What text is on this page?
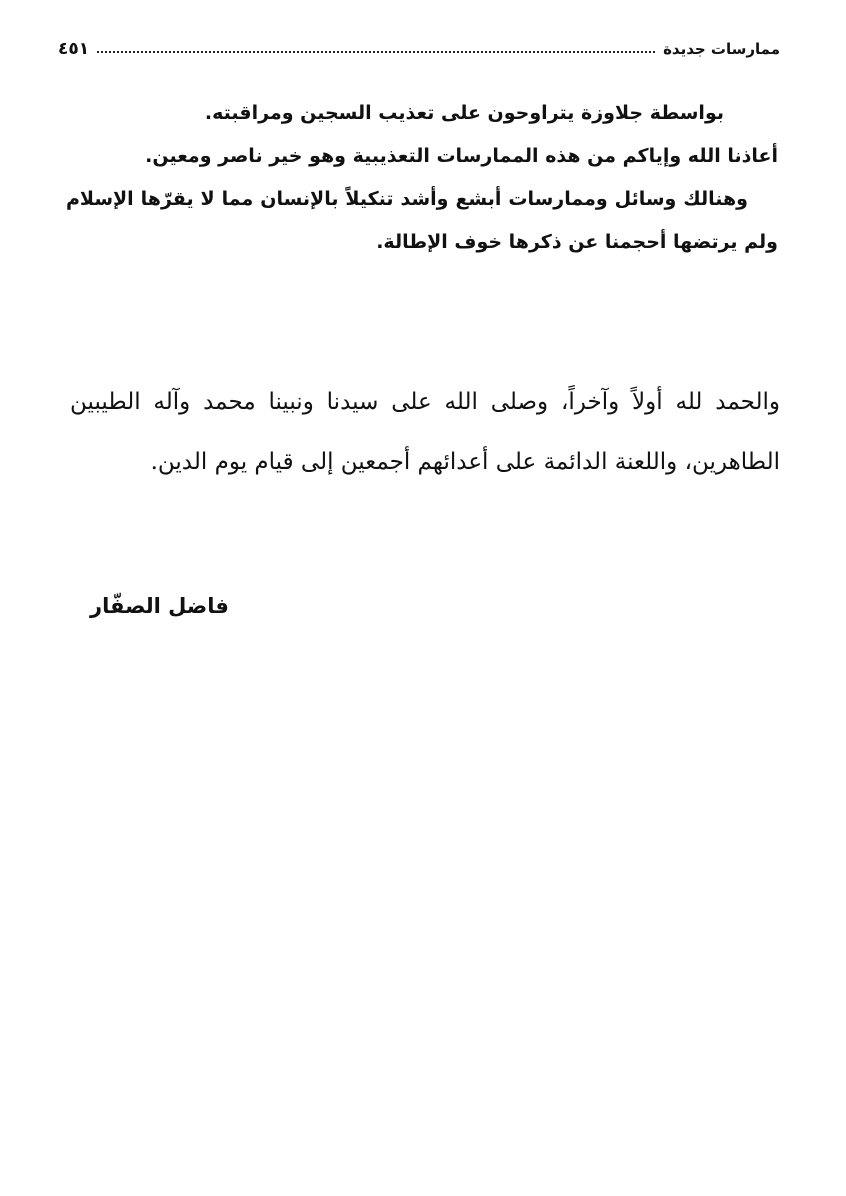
ممارسات جديدة
٤٥١

بواسطة جلاوزة يتراوحون على تعذيب السجين ومراقبته.

أعاذنا الله وإياكم من هذه الممارسات التعذيبية وهو خير ناصر ومعين.

وهنالك وسائل وممارسات أبشع وأشد تنكيلاً بالإنسان مما لا يقرّها الإسلام ولم يرتضها أحجمنا عن ذكرها خوف الإطالة.

والحمد لله أولاً وآخراً، وصلى الله على سيدنا ونبينا محمد وآله الطيبين الطاهرين، واللعنة الدائمة على أعدائهم أجمعين إلى قيام يوم الدين.

فاضل الصفّار
